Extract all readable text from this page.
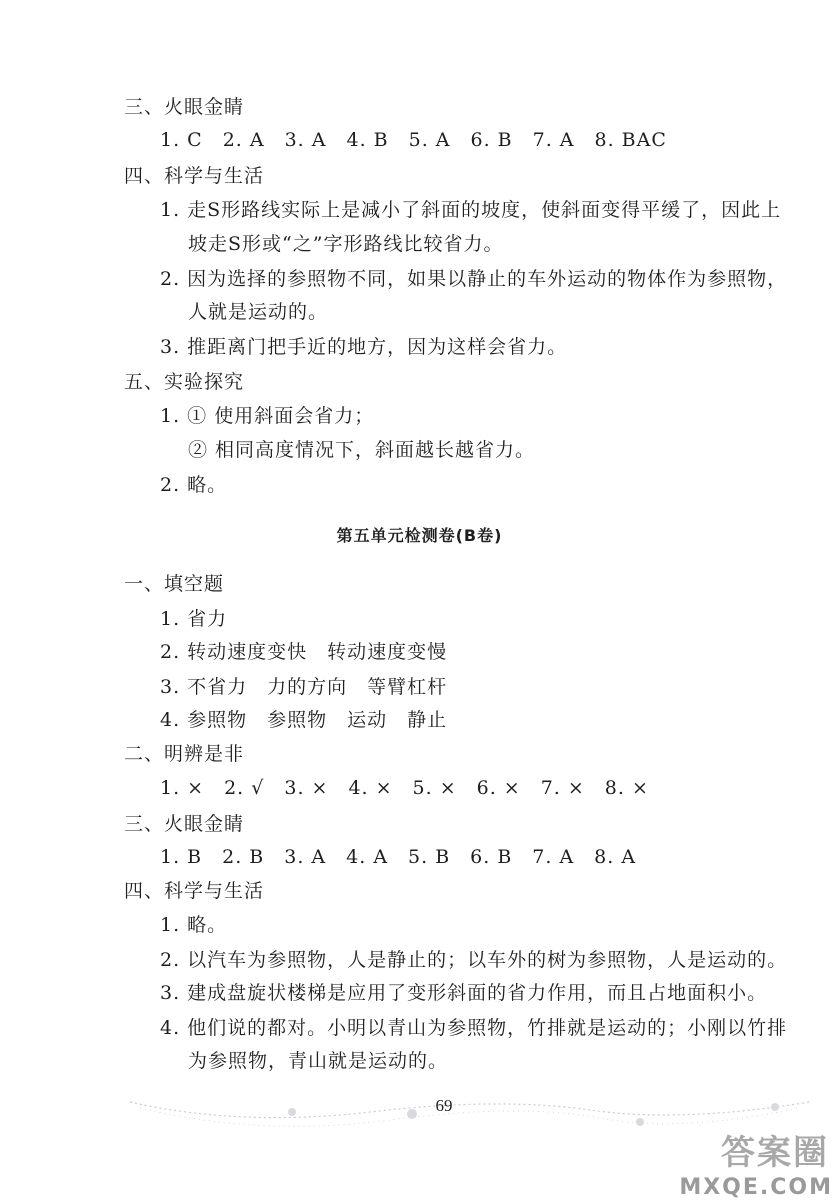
三、火眼金睛
1. C　2. A　3. A　4. B　5. A　6. B　7. A　8. BAC
四、科学与生活
1. 走S形路线实际上是减小了斜面的坡度，使斜面变得平缓了，因此上
坡走S形或“之”字形路线比较省力。
2. 因为选择的参照物不同，如果以静止的车外运动的物体作为参照物，
人就是运动的。
3. 推距离门把手近的地方，因为这样会省力。
五、实验探究
1. ① 使用斜面会省力；
② 相同高度情况下，斜面越长越省力。
2. 略。
第五单元检测卷(B卷)
一、填空题
1. 省力
2. 转动速度变快　转动速度变慢
3. 不省力　力的方向　等臂杠杆
4. 参照物　参照物　运动　静止
二、明辨是非
1. ×　2. √　3. ×　4. ×　5. ×　6. ×　7. ×　8. ×
三、火眼金睛
1. B　2. B　3. A　4. A　5. B　6. B　7. A　8. A
四、科学与生活
1. 略。
2. 以汽车为参照物，人是静止的；以车外的树为参照物，人是运动的。
3. 建成盘旋状楼梯是应用了变形斜面的省力作用，而且占地面积小。
4. 他们说的都对。小明以青山为参照物，竹排就是运动的；小刚以竹排
为参照物，青山就是运动的。
69
答案圈
MXQE.COM
